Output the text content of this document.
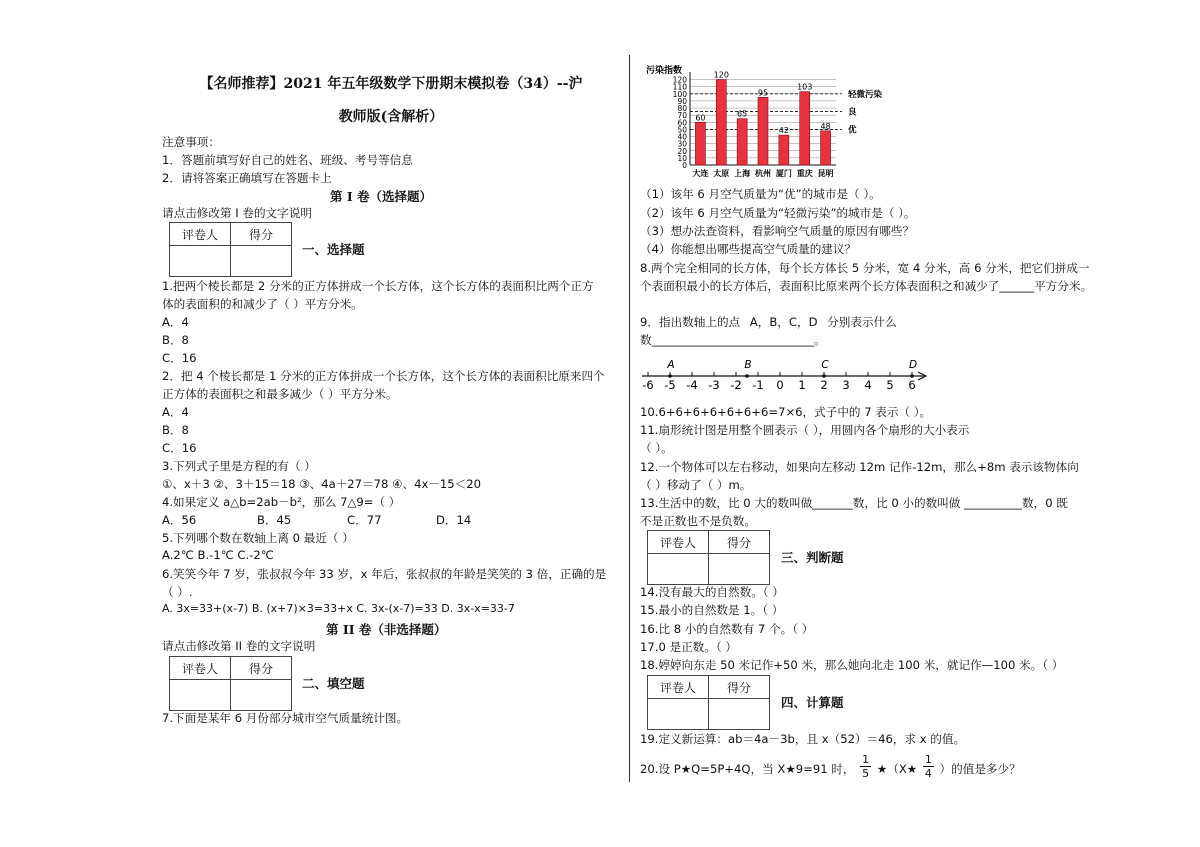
【名师推荐】2021 年五年级数学下册期末模拟卷（34）--沪
教师版(含解析）
注意事项：
1．答题前填写好自己的姓名、班级、考号等信息
2．请将答案正确填写在答题卡上
第 I 卷（选择题）
请点击修改第 I 卷的文字说明
评卷人	得分

一、选择题
1.把两个棱长都是 2 分米的正方体拼成一个长方体，这个长方体的表面积比两个正方
体的表面积的和减少了（ ）平方分米。
A．4
B．8
C．16
2．把 4 个棱长都是 1 分米的正方体拼成一个长方体，这个长方体的表面积比原来四个
正方体的表面积之和最多减少（ ）平方分米。
A．4
B．8
C．16
3.下列式子里是方程的有（ ）
①、x＋3 ②、3＋15＝18 ③、4a＋27＝78 ④、4x－15＜20
4.如果定义 a△b=2ab－b²，那么 7△9=（ ）
A．56	B．45	C．77	D．14
5.下列哪个数在数轴上离 0 最近（ ）
A.2℃ B.-1℃ C.-2℃
6.笑笑今年 7 岁，张叔叔今年 33 岁，x 年后，张叔叔的年龄是笑笑的 3 倍，正确的是
（ ）.
A. 3x=33+(x-7) B. (x+7)×3=33+x C. 3x-(x-7)=33 D. 3x-x=33-7
第 II 卷（非选择题）
请点击修改第 II 卷的文字说明
评卷人	得分

二、填空题
7.下面是某年 6 月份部分城市空气质量统计图。
轻微污染
良
优
60
120
65
95
42
103
48
0
10
20
30
40
50
60
70
80
90
100
110
120
大连 太原 上海 杭州 厦门 重庆 昆明
污染指数
（1）该年 6 月空气质量为“优”的城市是（ ）。
（2）该年 6 月空气质量为“轻微污染”的城市是（ ）。
（3）想办法查资料，看影响空气质量的原因有哪些？
（4）你能想出哪些提高空气质量的建议？
8.两个完全相同的长方体，每个长方体长 5 分米，宽 4 分米，高 6 分米，把它们拼成一个表面积最小的长方体后，表面积比原来两个长方体表面积之和减少了______平方分米。
9．指出数轴上的点 A，B，C，D 分别表示什么
数____________________________。
-6 -5 -4 -3 -2 -1 0 1 2 3 4 5 6
A	B	C	D
10.6+6+6+6+6+6+6=7×6，式子中的 7 表示（ ）。
11.扇形统计图是用整个圆表示（ ），用圆内各个扇形的大小表示
（ ）。
12.一个物体可以左右移动，如果向左移动 12m 记作-12m，那么+8m 表示该物体向
（ ）移动了（ ）m。
13.生活中的数，比 0 大的数叫做_______数，比 0 小的数叫做 __________数，0 既
不是正数也不是负数。
评卷人	得分

三、判断题
14.没有最大的自然数。（ ）
15.最小的自然数是 1。（ ）
16.比 8 小的自然数有 7 个。（ ）
17.0 是正数。（ ）
18.婷婷向东走 50 米记作+50 米，那么她向北走 100 米，就记作—100 米。（ ）
评卷人	得分

四、计算题
19.定义新运算：ab＝4a－3b，且 x（52）＝46，求 x 的值。
20.设 P★Q=5P+4Q，当 X★9=91 时， $\frac{1}{5}$ ★（X★ $\frac{1}{4}$ ）的值是多少？
